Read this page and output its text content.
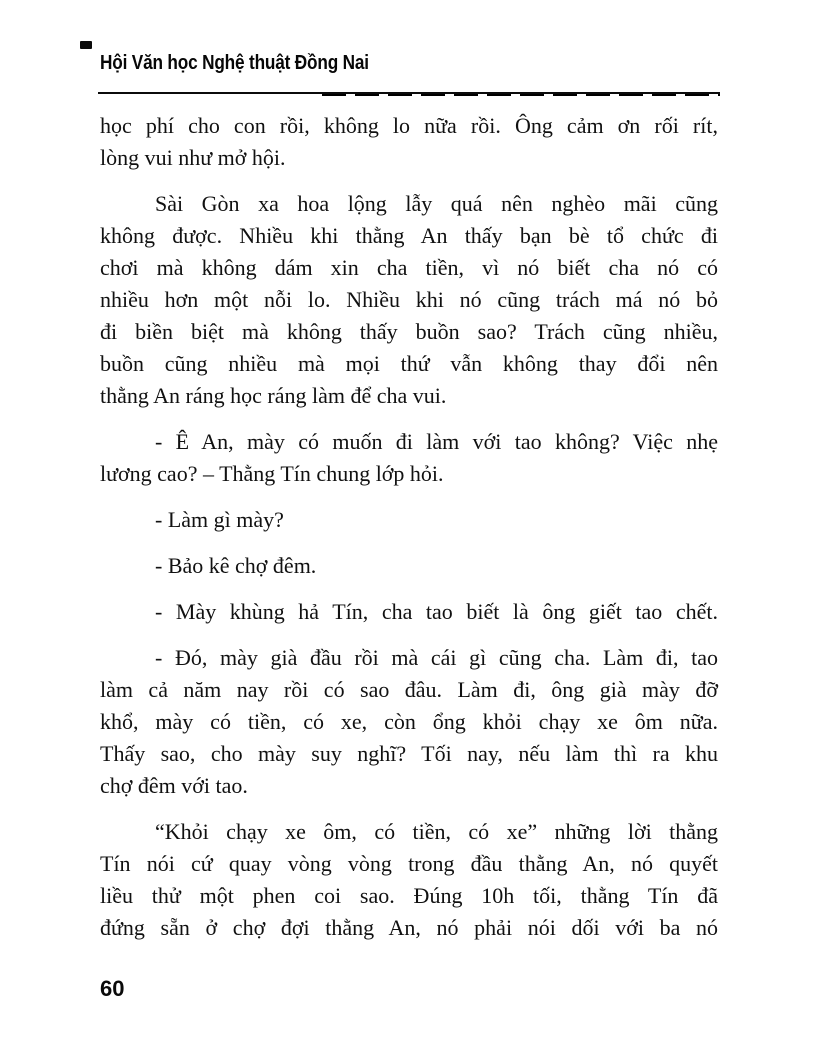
Hội Văn học Nghệ thuật Đồng Nai
học phí cho con rồi, không lo nữa rồi. Ông cảm ơn rối rít,
lòng vui như mở hội.
Sài Gòn xa hoa lộng lẫy quá nên nghèo mãi cũng
không được. Nhiều khi thằng An thấy bạn bè tổ chức đi
chơi mà không dám xin cha tiền, vì nó biết cha nó có
nhiều hơn một nỗi lo. Nhiều khi nó cũng trách má nó bỏ
đi biền biệt mà không thấy buồn sao? Trách cũng nhiều,
buồn cũng nhiều mà mọi thứ vẫn không thay đổi nên
thằng An ráng học ráng làm để cha vui.
- Ê An, mày có muốn đi làm với tao không? Việc nhẹ
lương cao? – Thằng Tín chung lớp hỏi.
- Làm gì mày?
- Bảo kê chợ đêm.
- Mày khùng hả Tín, cha tao biết là ông giết tao chết.
- Đó, mày già đầu rồi mà cái gì cũng cha. Làm đi, tao
làm cả năm nay rồi có sao đâu. Làm đi, ông già mày đỡ
khổ, mày có tiền, có xe, còn ổng khỏi chạy xe ôm nữa.
Thấy sao, cho mày suy nghĩ? Tối nay, nếu làm thì ra khu
chợ đêm với tao.
“Khỏi chạy xe ôm, có tiền, có xe” những lời thằng
Tín nói cứ quay vòng vòng trong đầu thằng An, nó quyết
liều thử một phen coi sao. Đúng 10h tối, thằng Tín đã
đứng sẵn ở chợ đợi thằng An, nó phải nói dối với ba nó
60
